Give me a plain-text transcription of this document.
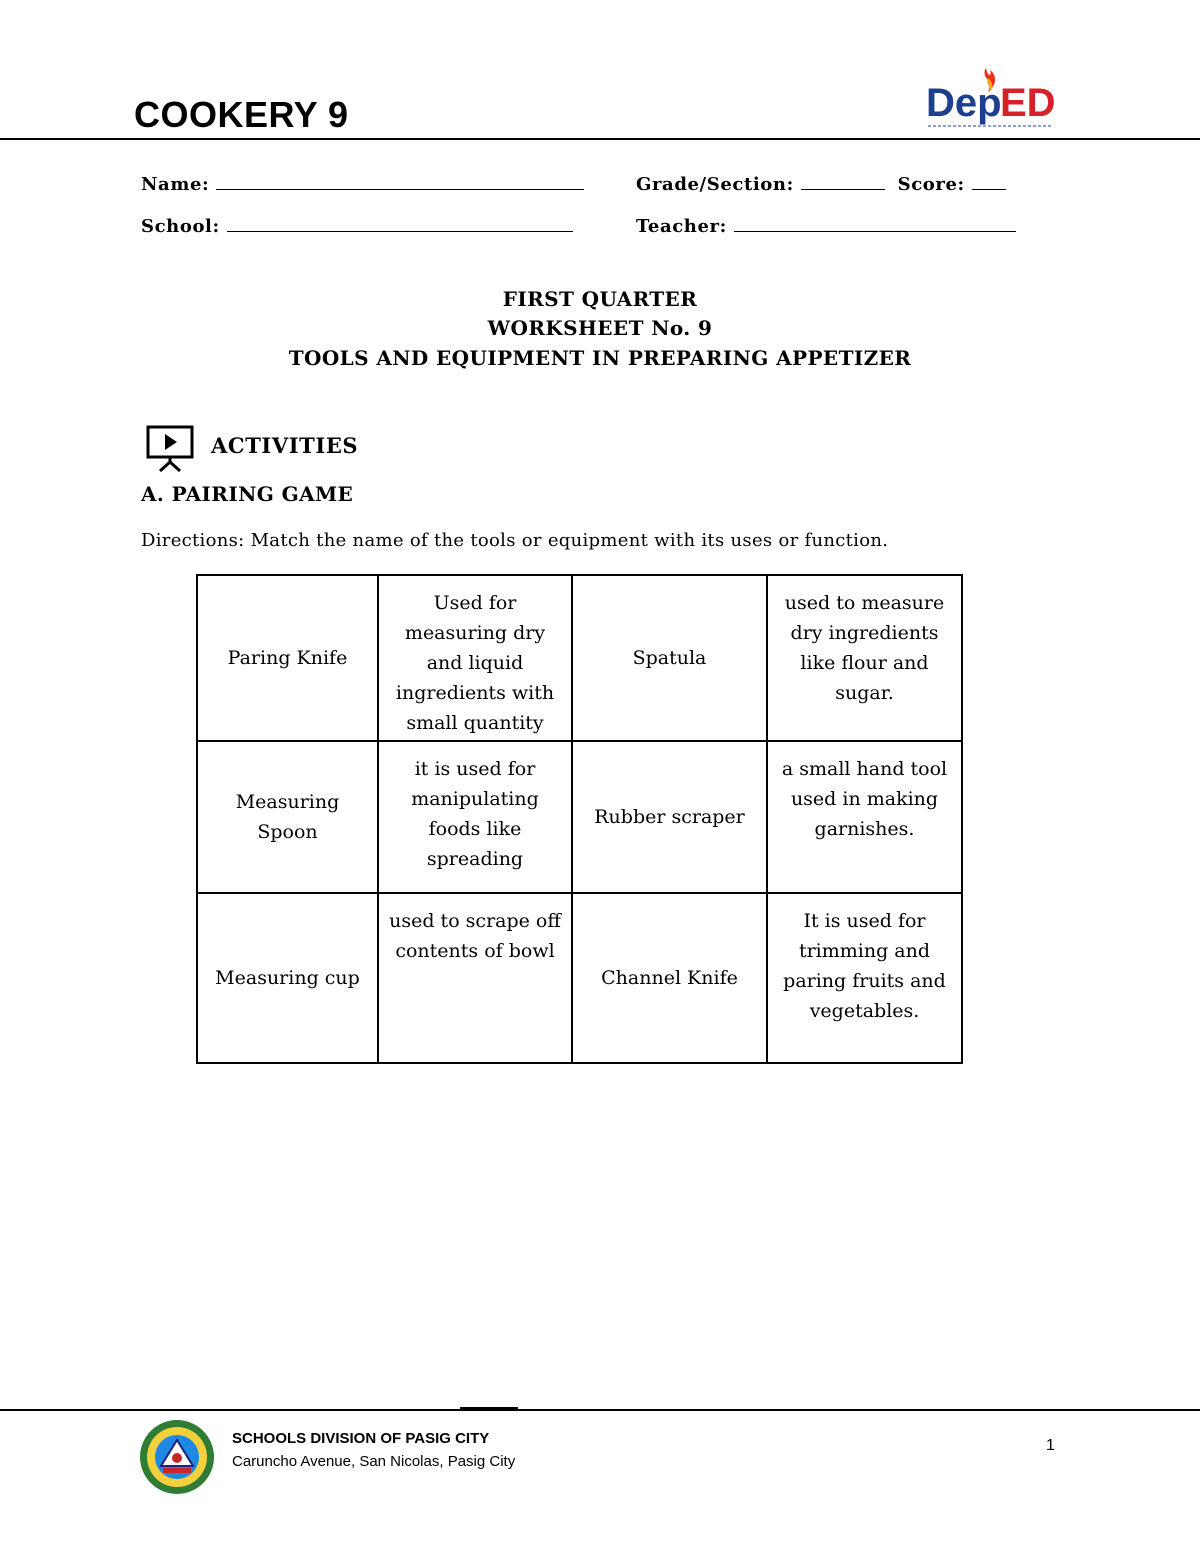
COOKERY 9	Dep
ED
Name:	Grade/Section:	Score:
School:	Teacher:
FIRST QUARTER
WORKSHEET No. 9
TOOLS AND EQUIPMENT IN PREPARING APPETIZER
ACTIVITIES
A. PAIRING GAME
Directions: Match the name of the tools or equipment with its uses or function.
Paring Knife	Used for measuring dry and liquid ingredients with small quantity	Spatula	used to measure dry ingredients like flour and sugar.
Measuring Spoon	it is used for manipulating foods like spreading	Rubber scraper	a small hand tool used in making garnishes.
Measuring cup	used to scrape off contents of bowl	Channel Knife	It is used for trimming and paring fruits and vegetables.
SCHOOLS DIVISION OF PASIG CITY
Caruncho Avenue, San Nicolas, Pasig City
1
